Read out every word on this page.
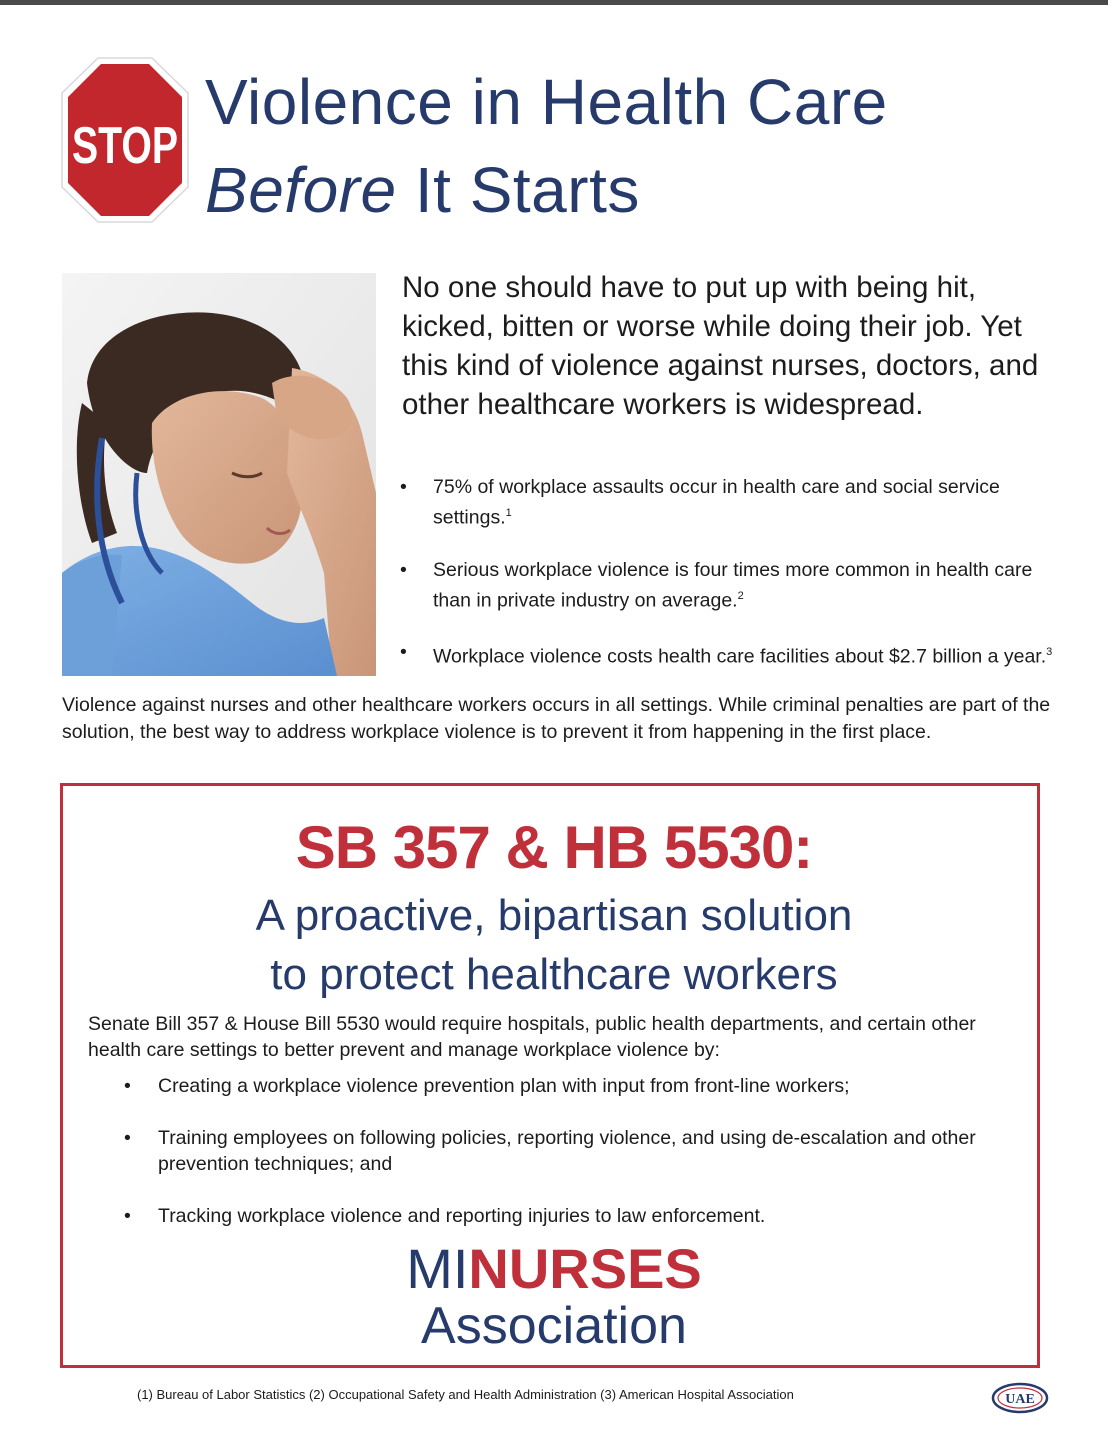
STOP
Violence in Health Care
Before It Starts

No one should have to put up with being hit, kicked, bitten or worse while doing their job. Yet this kind of violence against nurses, doctors, and other healthcare workers is widespread.

• 75% of workplace assaults occur in health care and social service settings.$^1$
• Serious workplace violence is four times more common in health care than in private industry on average.$^2$
• Workplace violence costs health care facilities about $2.7 billion a year.$^3$

Violence against nurses and other healthcare workers occurs in all settings. While criminal penalties are part of the solution, the best way to address workplace violence is to prevent it from happening in the first place.

SB 357 & HB 5530:
A proactive, bipartisan solution
to protect healthcare workers

Senate Bill 357 & House Bill 5530 would require hospitals, public health departments, and certain other health care settings to better prevent and manage workplace violence by:

• Creating a workplace violence prevention plan with input from front-line workers;
• Training employees on following policies, reporting violence, and using de-escalation and other prevention techniques; and
• Tracking workplace violence and reporting injuries to law enforcement.
MINURSES
Association

(1) Bureau of Labor Statistics (2) Occupational Safety and Health Administration (3) American Hospital Association	UAE
